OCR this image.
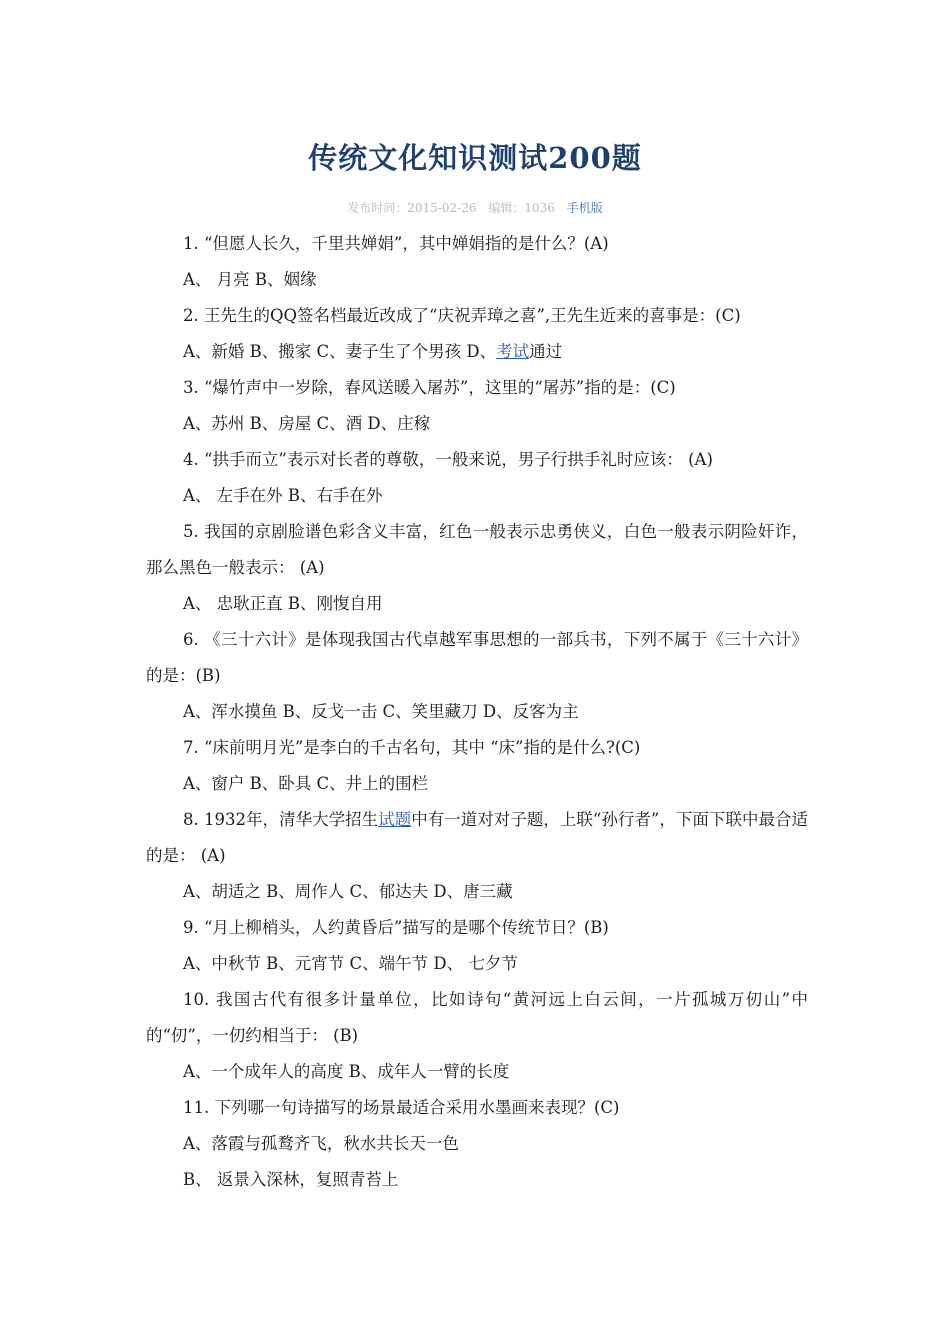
传统文化知识测试200题
发布时间：2015-02-26 编辑：1036 手机版

1. “但愿人长久，千里共婵娟”，其中婵娟指的是什么？(A)

A、 月亮 B、姻缘

2. 王先生的QQ签名档最近改成了“庆祝弄璋之喜”,王先生近来的喜事是：(C)

A、新婚 B、搬家 C、妻子生了个男孩 D、考试通过

3. “爆竹声中一岁除，春风送暖入屠苏”，这里的“屠苏”指的是：(C)

A、苏州 B、房屋 C、酒 D、庄稼

4. “拱手而立”表示对长者的尊敬，一般来说，男子行拱手礼时应该： (A)

A、 左手在外 B、右手在外

5. 我国的京剧脸谱色彩含义丰富，红色一般表示忠勇侠义，白色一般表示阴险奸诈，那么黑色一般表示： (A)

A、 忠耿正直 B、刚愎自用

6. 《三十六计》是体现我国古代卓越军事思想的一部兵书，下列不属于《三十六计》的是：(B)

A、浑水摸鱼 B、反戈一击 C、笑里藏刀 D、反客为主

7. “床前明月光”是李白的千古名句，其中 “床”指的是什么?(C)

A、窗户 B、卧具 C、井上的围栏

8. 1932年，清华大学招生试题中有一道对对子题，上联“孙行者”，下面下联中最合适的是： (A)

A、胡适之 B、周作人 C、郁达夫 D、唐三藏

9. “月上柳梢头，人约黄昏后”描写的是哪个传统节日？(B)

A、中秋节 B、元宵节 C、端午节 D、 七夕节

10. 我国古代有很多计量单位，比如诗句“黄河远上白云间，一片孤城万仞山”中的“仞”，一仞约相当于： (B)

A、一个成年人的高度 B、成年人一臂的长度

11. 下列哪一句诗描写的场景最适合采用水墨画来表现？(C)

A、落霞与孤鹜齐飞，秋水共长天一色

B、 返景入深林，复照青苔上
